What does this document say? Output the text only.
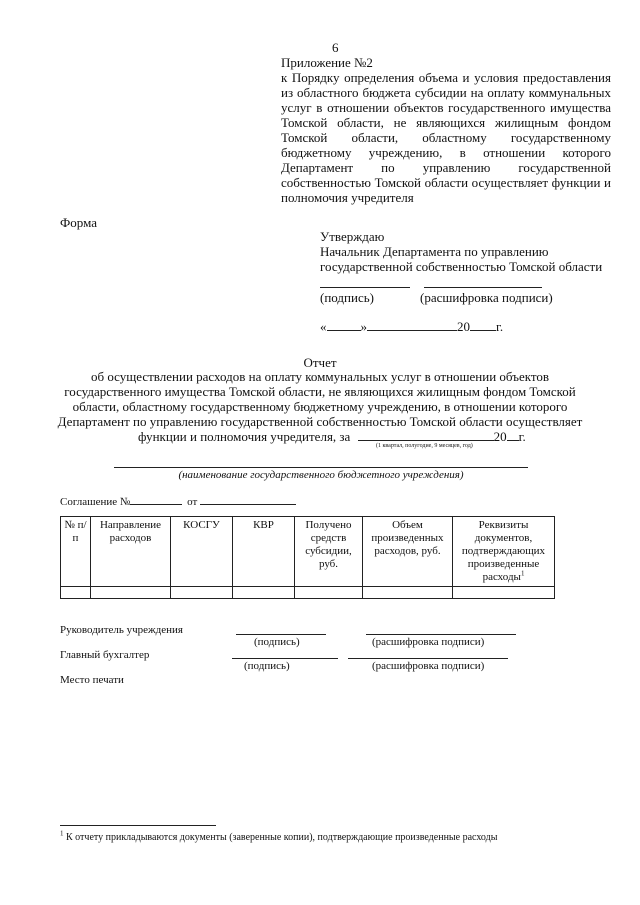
6
Приложение №2
к Порядку определения объема и условия предоставления
из областного бюджета субсидии на оплату коммунальных
услуг в отношении объектов государственного имущества
Томской области, не являющихся жилищным фондом
Томской области, областному государственному
бюджетному учреждению, в отношении которого
Департамент по управлению государственной
собственностью Томской области осуществляет функции и
полномочия учредителя
Форма
Утверждаю
Начальник Департамента по управлению
государственной собственностью Томской области
(подпись)	(расшифровка подписи)
«	»	20 г.
Отчет
об осуществлении расходов на оплату коммунальных услуг в отношении объектов
государственного имущества Томской области, не являющихся жилищным фондом Томской
области, областному государственному бюджетному учреждению, в отношении которого
Департамент по управлению государственной собственностью Томской области осуществляет
функции и полномочия учредителя, за	20 г.
(1 квартал, полугодие, 9 месяцев, год)
(наименование государственного бюджетного учреждения)
Соглашение №	от
№ п/п	Направление расходов	КОСГУ	КВР	Получено средств субсидии, руб.	Объем произведенных расходов, руб.	Реквизиты документов, подтверждающих произведенные расходы$^1$

Руководитель учреждения
(подпись)	(расшифровка подписи)
Главный бухгалтер
(подпись)	(расшифровка подписи)
Место печати
$^1$ К отчету прикладываются документы (заверенные копии), подтверждающие произведенные расходы
